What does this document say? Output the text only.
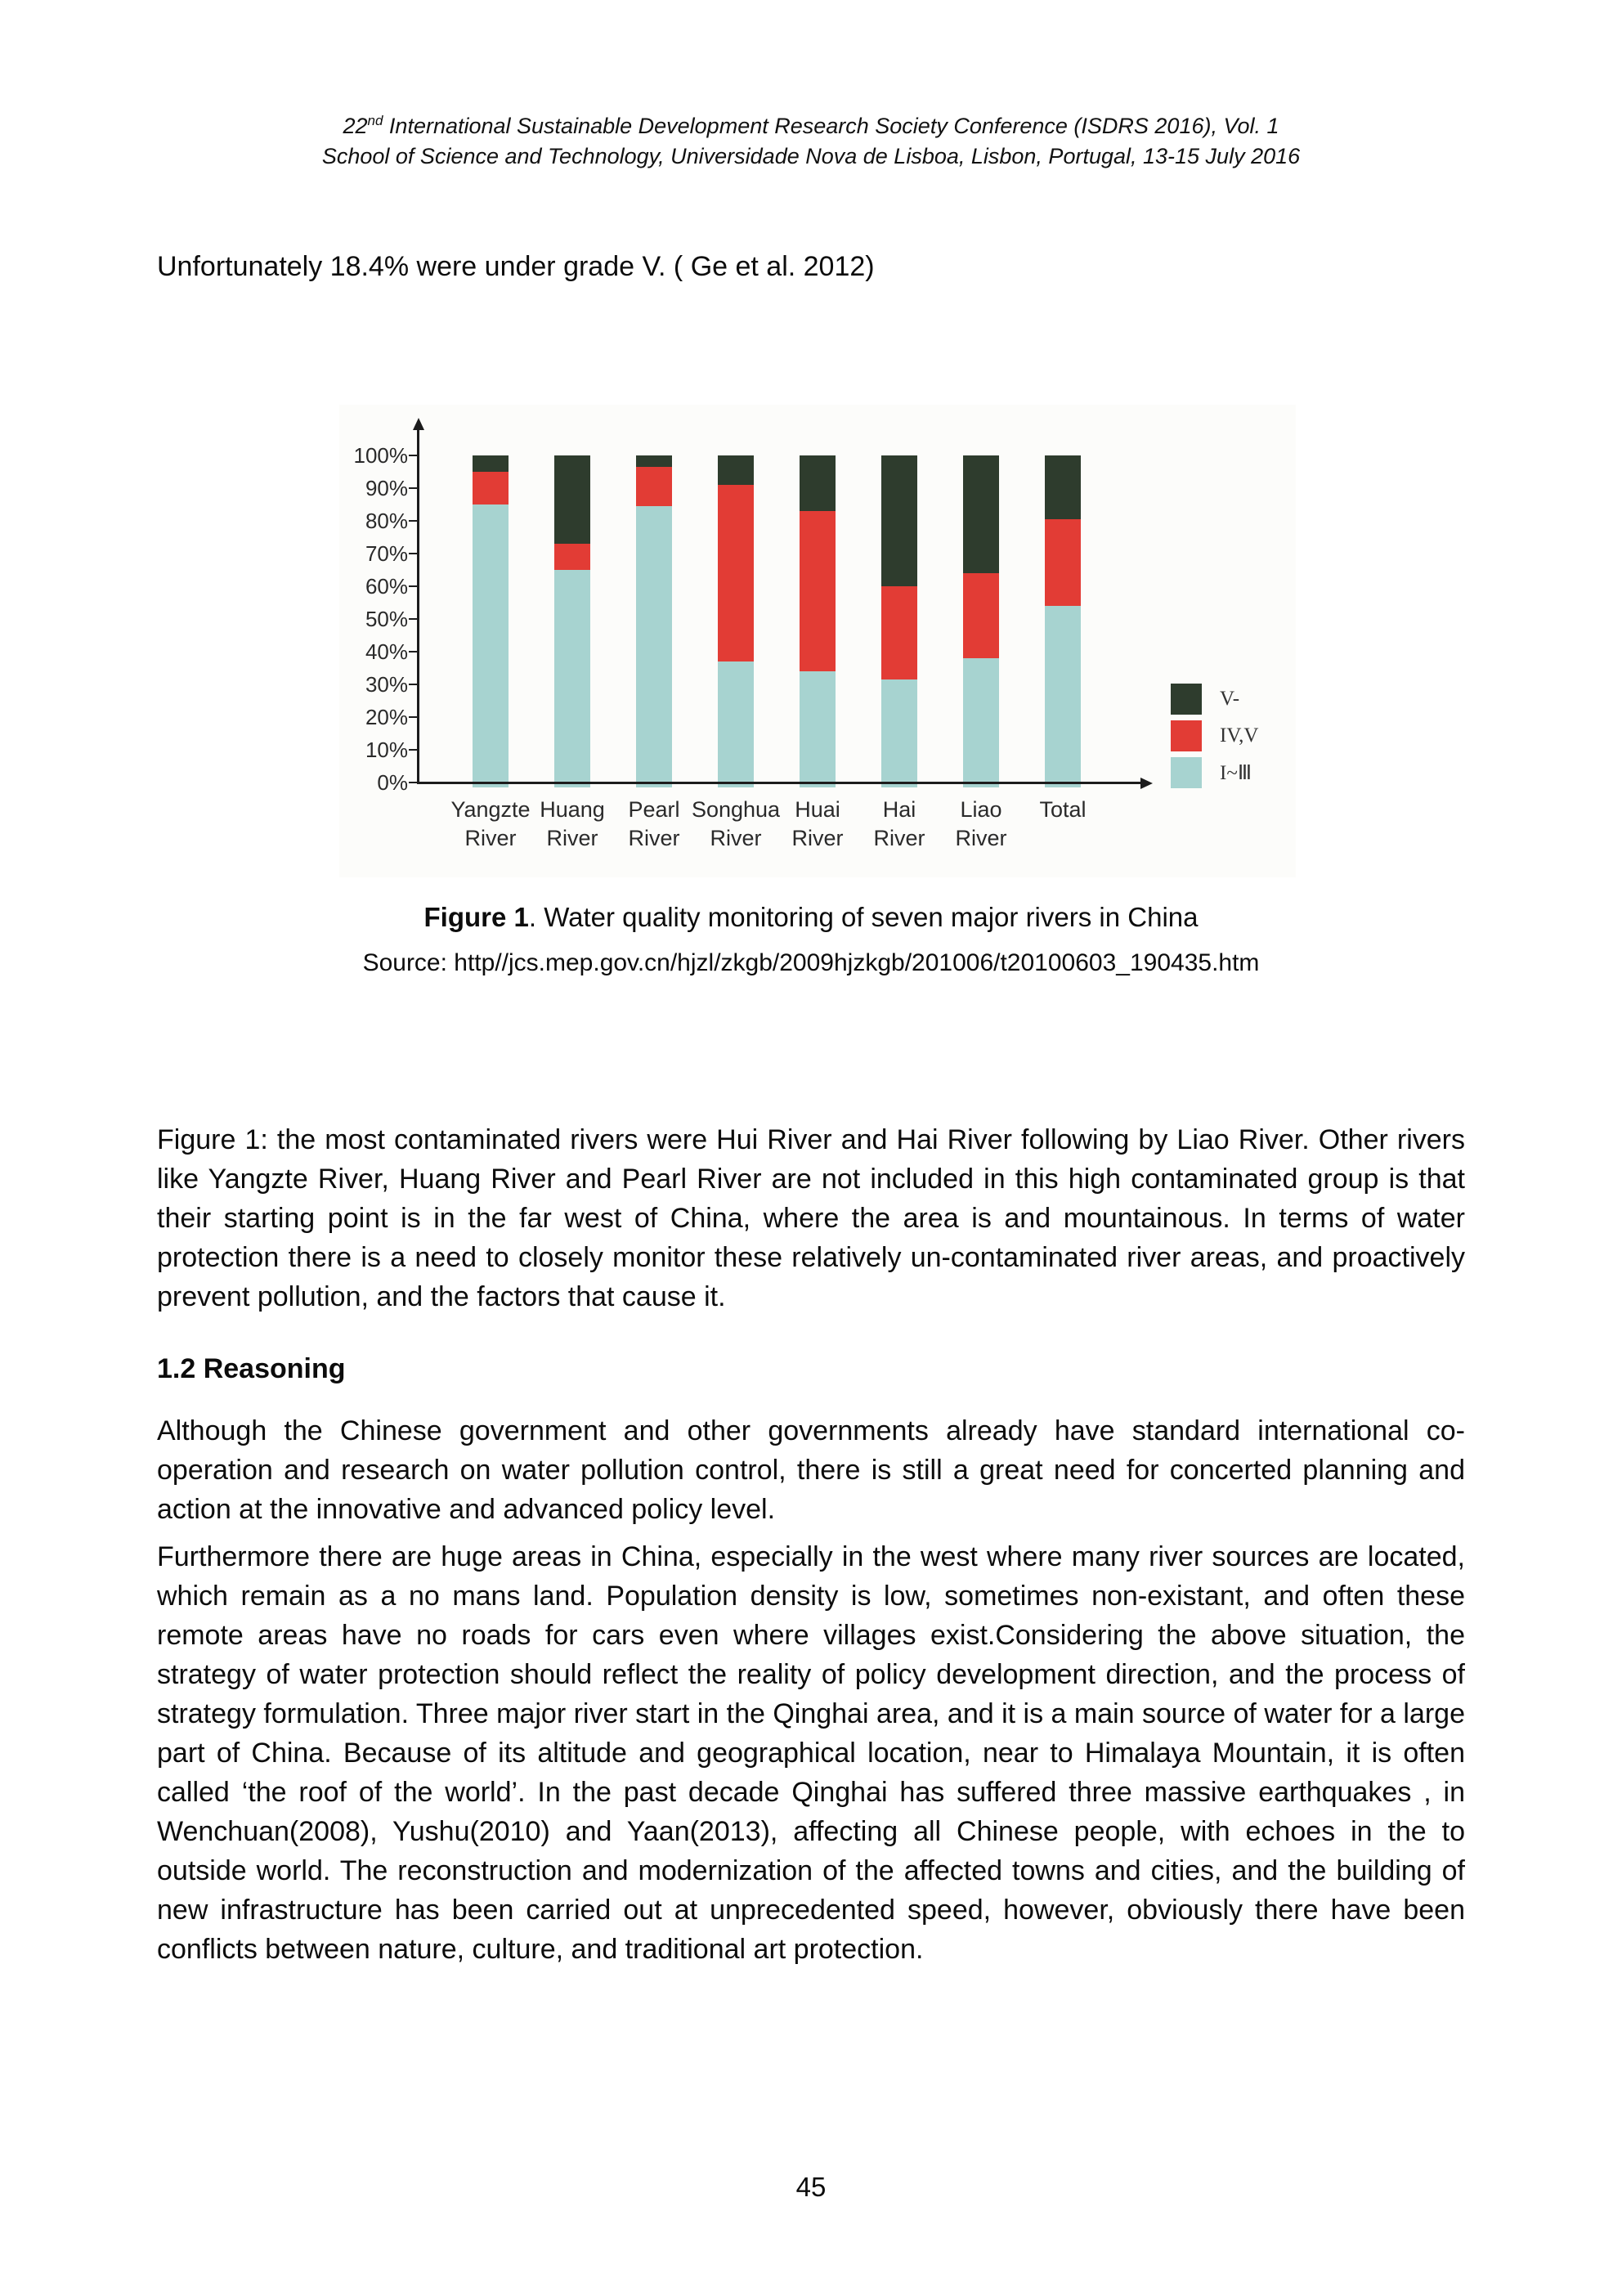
22nd International Sustainable Development Research Society Conference (ISDRS 2016), Vol. 1
School of Science and Technology, Universidade Nova de Lisboa, Lisbon, Portugal, 13-15 July 2016

Unfortunately 18.4% were under grade V. ( Ge et al. 2012)

100%
90%
80%
70%
60%
50%
40%
30%
20%
10%
0%
Yangzte
River
Huang
River
Pearl
River
Songhua
River
Huai
River
Hai
River
Liao
River
Total
V-
IV,V
I~Ⅲ
Figure 1. Water quality monitoring of seven major rivers in China
Source: http//jcs.mep.gov.cn/hjzl/zkgb/2009hjzkgb/201006/t20100603_190435.htm

Figure 1: the most contaminated rivers were Hui River and Hai River following by Liao River. Other rivers like Yangzte River, Huang River and Pearl River are not included in this high contaminated group is that their starting point is in the far west of China, where the area is and mountainous. In terms of water protection there is a need to closely monitor these relatively un-contaminated river areas, and proactively prevent pollution, and the factors that cause it.

1.2 Reasoning

Although the Chinese government and other governments already have standard international co-operation and research on water pollution control, there is still a great need for concerted planning and action at the innovative and advanced policy level.

Furthermore there are huge areas in China, especially in the west where many river sources are located, which remain as a no mans land. Population density is low, sometimes non-existant, and often these remote areas have no roads for cars even where villages exist.Considering the above situation, the strategy of water protection should reflect the reality of policy development direction, and the process of strategy formulation. Three major river start in the Qinghai area, and it is a main source of water for a large part of China. Because of its altitude and geographical location, near to Himalaya Mountain, it is often called ‘the roof of the world’. In the past decade Qinghai has suffered three massive earthquakes , in Wenchuan(2008), Yushu(2010) and Yaan(2013), affecting all Chinese people, with echoes in the to outside world. The reconstruction and modernization of the affected towns and cities, and the building of new infrastructure has been carried out at unprecedented speed, however, obviously there have been conflicts between nature, culture, and traditional art protection.

45
